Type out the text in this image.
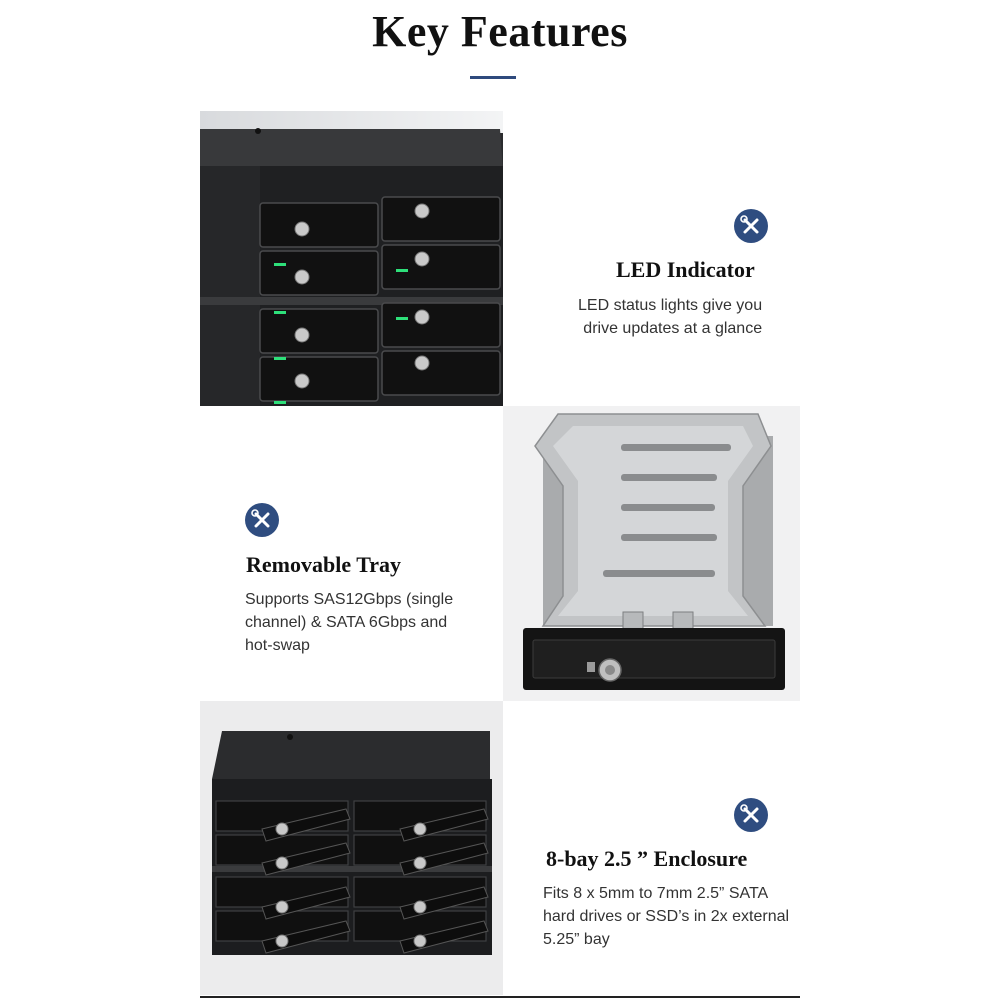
Key Features
LED Indicator
LED status lights give you
drive updates at a glance
Removable Tray
Supports SAS12Gbps (single
channel) & SATA 6Gbps and
hot-swap
8-bay 2.5 ” Enclosure
Fits 8 x 5mm to 7mm 2.5” SATA
hard drives or SSD’s in 2x external
5.25” bay
